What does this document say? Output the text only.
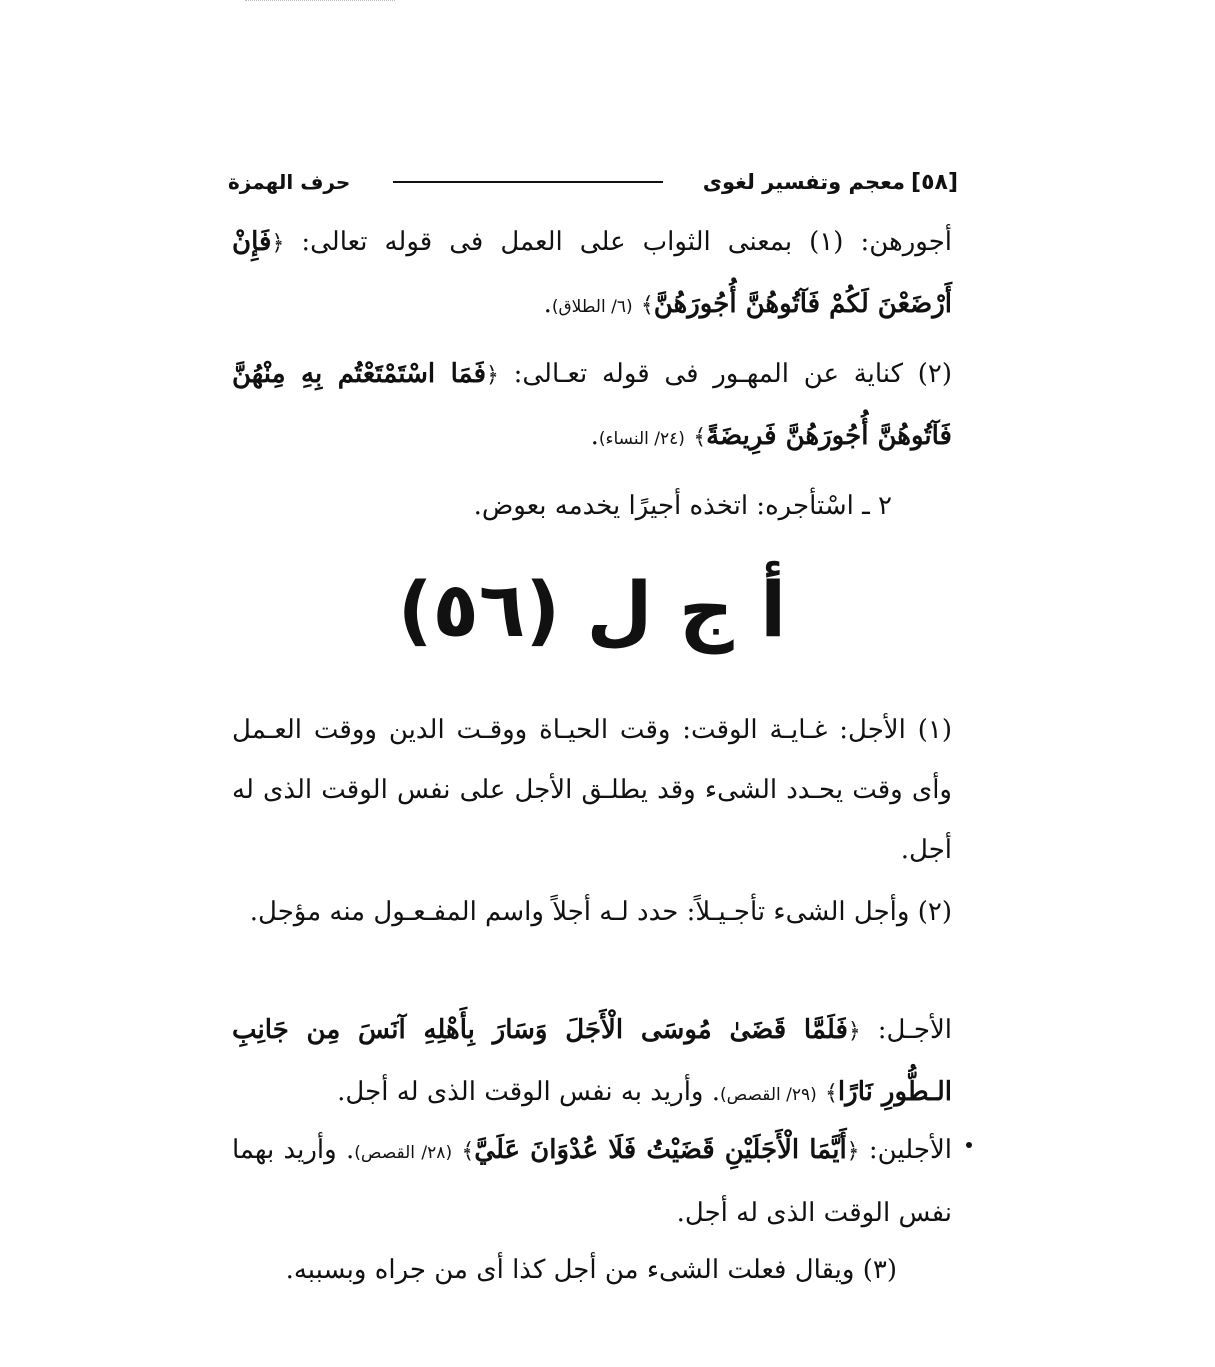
[٥٨]
معجم وتفسير لغوى
حرف الهمزة
أجورهن: (١) بمعنى الثواب على العمل فى قوله تعالى: ﴿فَإِنْ أَرْضَعْنَ لَكُمْ فَآتُوهُنَّ أُجُورَهُنَّ﴾ (٦/ الطلاق).
(٢) كناية عن المهـور فى قوله تعـالى: ﴿فَمَا اسْتَمْتَعْتُم بِهِ مِنْهُنَّ فَآتُوهُنَّ أُجُورَهُنَّ فَرِيضَةً﴾ (٢٤/ النساء).
٢ ـ اسْتأجره: اتخذه أجيرًا يخدمه بعوض.
أ ج ل (٥٦)
(١) الأجل: غـايـة الوقت: وقت الحيـاة ووقـت الدين ووقت العـمل وأى وقت يحـدد الشىء وقد يطلـق الأجل على نفس الوقت الذى له أجل.
(٢) وأجل الشىء تأجـيـلاً: حدد لـه أجلاً واسم المفـعـول منه مؤجل.
الأجـل: ﴿فَلَمَّا قَضَىٰ مُوسَى الْأَجَلَ وَسَارَ بِأَهْلِهِ آنَسَ مِن جَانِبِ الـطُّورِ نَارًا﴾ (٢٩/ القصص). وأريد به نفس الوقت الذى له أجل.
الأجلين: ﴿أَيَّمَا الْأَجَلَيْنِ قَضَيْتُ فَلَا عُدْوَانَ عَلَيَّ﴾ (٢٨/ القصص). وأريد بهما نفس الوقت الذى له أجل.
(٣) ويقال فعلت الشىء من أجل كذا أى من جراه وبسببه.
